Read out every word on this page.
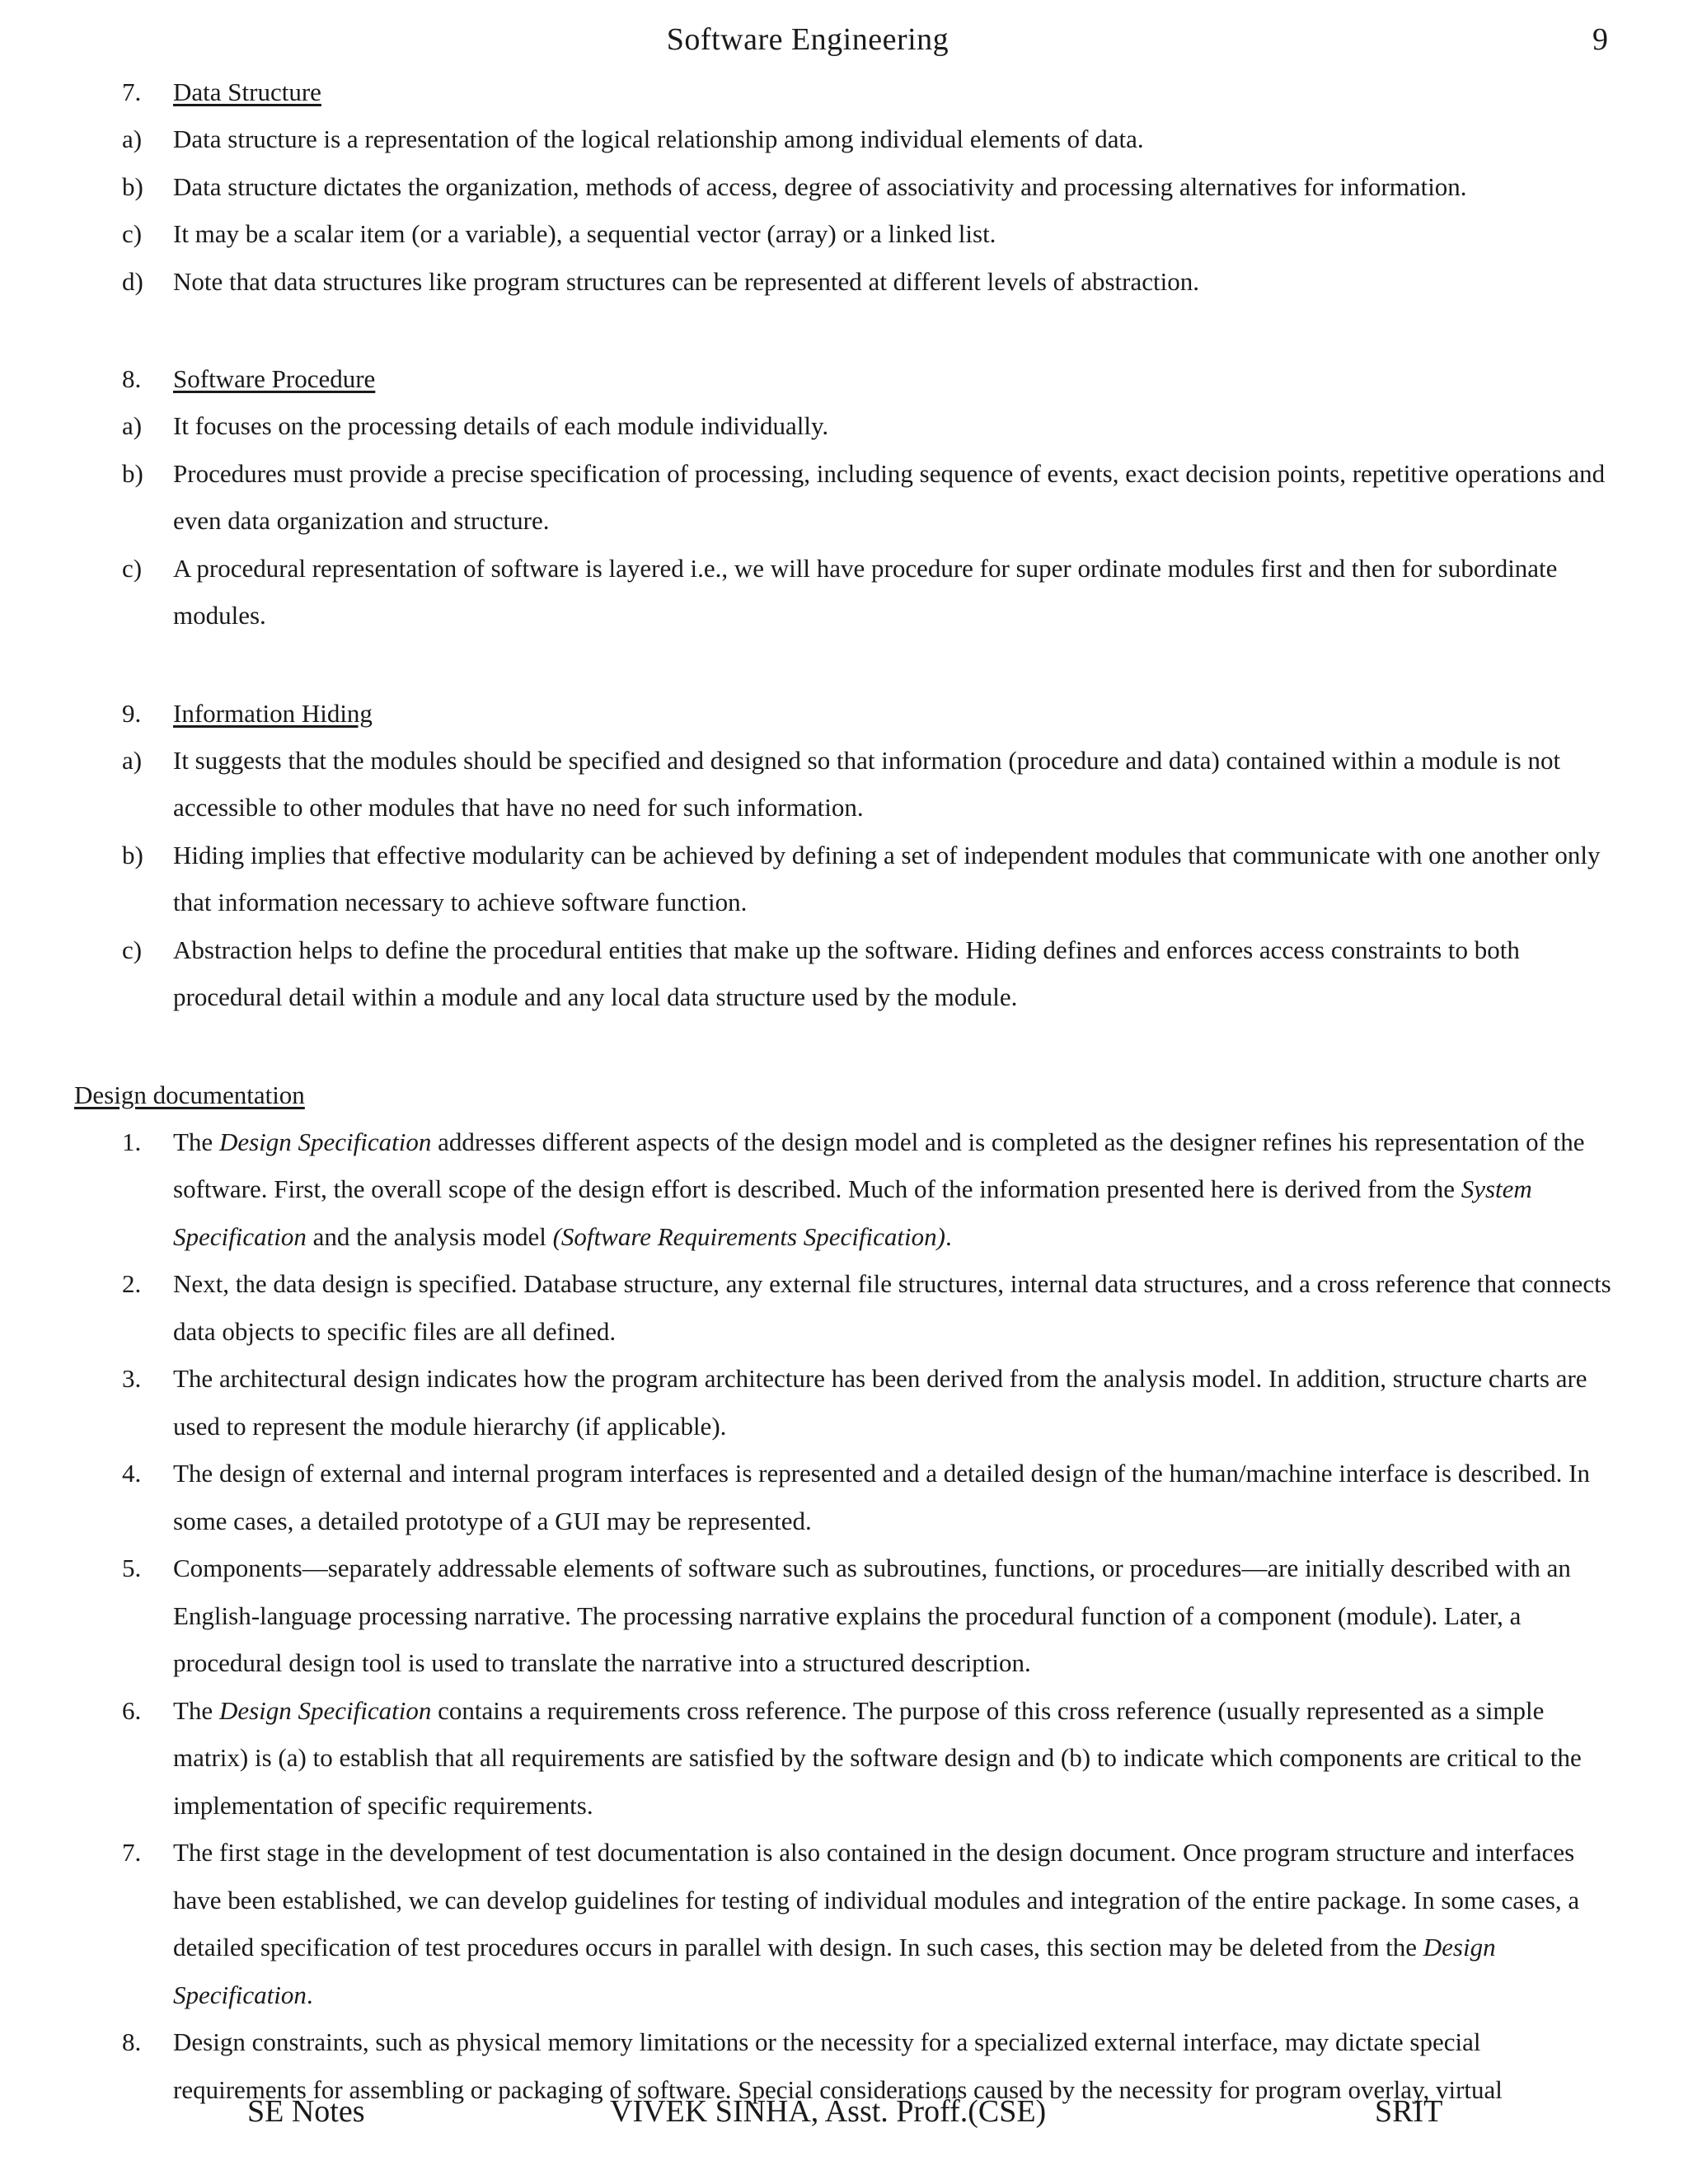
Software Engineering	9
7.	Data Structure
a)	Data structure is a representation of the logical relationship among individual elements of data.
b)	Data structure dictates the organization, methods of access, degree of associativity and processing alternatives for information.
c)	It may be a scalar item (or a variable), a sequential vector (array) or a linked list.
d)	Note that data structures like program structures can be represented at different levels of abstraction.
8.	Software Procedure
a)	It focuses on the processing details of each module individually.
b)	Procedures must provide a precise specification of processing, including sequence of events, exact decision points, repetitive operations and even data organization and structure.
c)	A procedural representation of software is layered i.e., we will have procedure for super ordinate modules first and then for subordinate modules.
9.	Information Hiding
a)	It suggests that the modules should be specified and designed so that information (procedure and data) contained within a module is not accessible to other modules that have no need for such information.
b)	Hiding implies that effective modularity can be achieved by defining a set of independent modules that communicate with one another only that information necessary to achieve software function.
c)	Abstraction helps to define the procedural entities that make up the software. Hiding defines and enforces access constraints to both procedural detail within a module and any local data structure used by the module.
Design documentation
1.	The Design Specification addresses different aspects of the design model and is completed as the designer refines his representation of the software. First, the overall scope of the design effort is described. Much of the information presented here is derived from the System Specification and the analysis model (Software Requirements Specification).
2.	Next, the data design is specified. Database structure, any external file structures, internal data structures, and a cross reference that connects data objects to specific files are all defined.
3.	The architectural design indicates how the program architecture has been derived from the analysis model. In addition, structure charts are used to represent the module hierarchy (if applicable).
4.	The design of external and internal program interfaces is represented and a detailed design of the human/machine interface is described. In some cases, a detailed prototype of a GUI may be represented.
5.	Components—separately addressable elements of software such as subroutines, functions, or procedures—are initially described with an English-language processing narrative. The processing narrative explains the procedural function of a component (module). Later, a procedural design tool is used to translate the narrative into a structured description.
6.	The Design Specification contains a requirements cross reference. The purpose of this cross reference (usually represented as a simple matrix) is (a) to establish that all requirements are satisfied by the software design and (b) to indicate which components are critical to the implementation of specific requirements.
7.	The first stage in the development of test documentation is also contained in the design document. Once program structure and interfaces have been established, we can develop guidelines for testing of individual modules and integration of the entire package. In some cases, a detailed specification of test procedures occurs in parallel with design. In such cases, this section may be deleted from the Design Specification.
8.	Design constraints, such as physical memory limitations or the necessity for a specialized external interface, may dictate special requirements for assembling or packaging of software. Special considerations caused by the necessity for program overlay, virtual
SE Notes	VIVEK SINHA, Asst. Proff.(CSE)	SRIT
